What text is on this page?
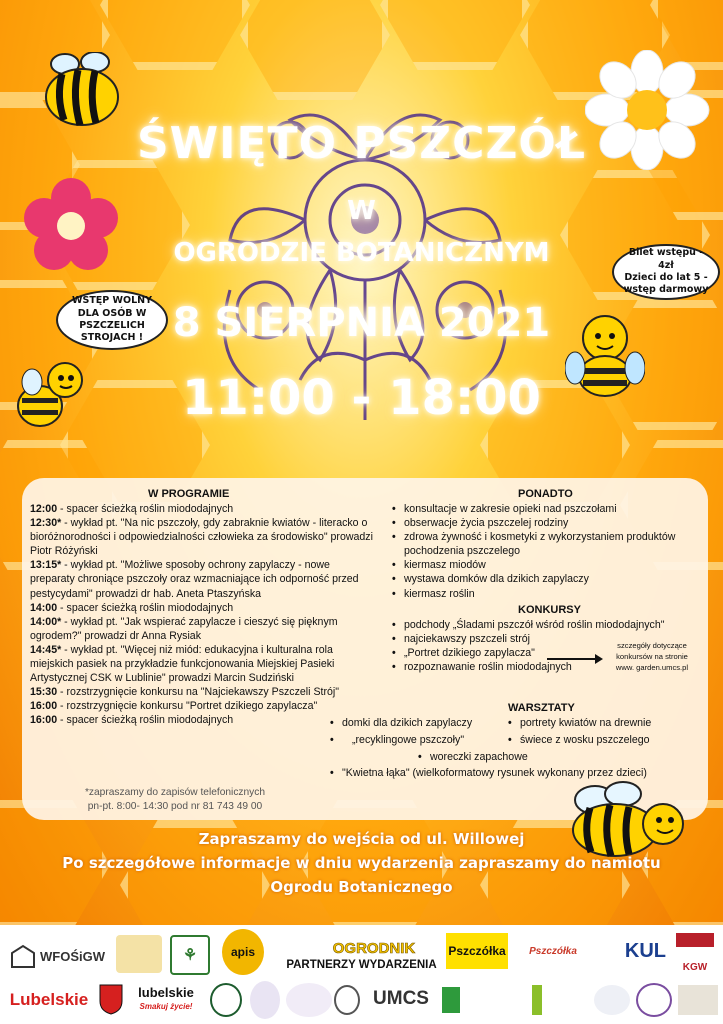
ŚWIĘTO PSZCZÓŁ
W
OGRODZIE BOTANICZNYM
8 SIERPNIA 2021
11:00 - 18:00
WSTĘP WOLNY DLA OSÓB W PSZCZELICH STROJACH !
Bilet wstępu - 4zł
Dzieci do lat 5 - wstęp darmowy
W PROGRAMIE
12:00 - spacer ścieżką roślin miododajnych
12:30* - wykład pt. "Na nic pszczoły, gdy zabraknie kwiatów - literacko o bioróżnorodności i odpowiedzialności człowieka za środowisko" prowadzi Piotr Różyński
13:15* - wykład pt. "Możliwe sposoby ochrony zapylaczy - nowe preparaty chroniące pszczoły oraz wzmacniające ich odporność przed pestycydami" prowadzi dr hab. Aneta Ptaszyńska
14:00 - spacer ścieżką roślin miododajnych
14:00* - wykład pt. "Jak wspierać zapylacze i cieszyć się pięknym ogrodem?" prowadzi dr Anna Rysiak
14:45* - wykład pt. "Więcej niż miód: edukacyjna i kulturalna rola miejskich pasiek na przykładzie funkcjonowania Miejskiej Pasieki Artystycznej CSK w Lublinie" prowadzi Marcin Sudziński
15:30 - rozstrzygnięcie konkursu na "Najciekawszy Pszczeli Strój"
16:00 - rozstrzygnięcie konkursu "Portret dzikiego zapylacza"
16:00 - spacer ścieżką roślin miododajnych
*zapraszamy do zapisów telefonicznych
pn-pt. 8:00- 14:30 pod nr 81 743 49 00
PONADTO
• konsultacje w zakresie opieki nad pszczołami
• obserwacje życia pszczelej rodziny
• zdrowa żywność i kosmetyki z wykorzystaniem produktów pochodzenia pszczelego
• kiermasz miodów
• wystawa domków dla dzikich zapylaczy
• kiermasz roślin
KONKURSY
• podchody „Śladami pszczół wśród roślin miododajnych"
• najciekawszy pszczeli strój
• „Portret dzikiego zapylacza"
• rozpoznawanie roślin miododajnych
szczegóły dotyczące
konkursów na stronie
www. garden.umcs.pl
WARSZTATY
• domki dla dzikich zapylaczy
• „recyklingowe pszczoły"
• portrety kwiatów na drewnie
• świece z wosku pszczelego
• woreczki zapachowe
• "Kwietna łąka" (wielkoformatowy rysunek wykonany przez dzieci)
Zapraszamy do wejścia od ul. Willowej
Po szczegółowe informacje w dniu wydarzenia zapraszamy do namiotu
Ogrodu Botanicznego
WFOŚiGW	⚘	apis	OGRODNIK	Pszczółka Pszczółka KUL
KGW
PARTNERZY WYDARZENIA
Lubelskie	lubelskie
Smakuj życie!	UMCS
